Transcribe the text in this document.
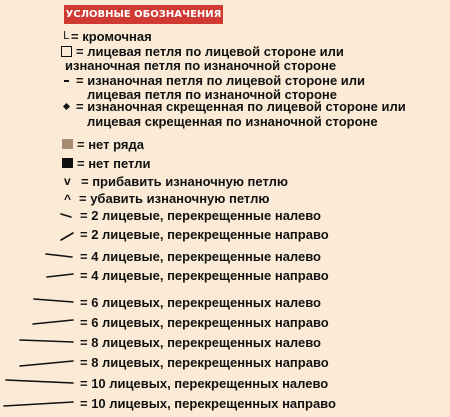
УСЛОВНЫЕ ОБОЗНАЧЕНИЯ
L = кромочная
= лицевая петля по лицевой стороне или
изнаночная петля по изнаночной стороне
= изнаночная петля по лицевой стороне или
лицевая петля по изнаночной стороне
= изнаночная скрещенная по лицевой стороне или
лицевая скрещенная по изнаночной стороне
= нет ряда
= нет петли
v = прибавить изнаночную петлю
^ = убавить изнаночную петлю
= 2 лицевые, перекрещенные налево
= 2 лицевые, перекрещенные направо
= 4 лицевые, перекрещенные налево
= 4 лицевые, перекрещенные направо
= 6 лицевых, перекрещенных налево
= 6 лицевых, перекрещенных направо
= 8 лицевых, перекрещенных налево
= 8 лицевых, перекрещенных направо
= 10 лицевых, перекрещенных налево
= 10 лицевых, перекрещенных направо
